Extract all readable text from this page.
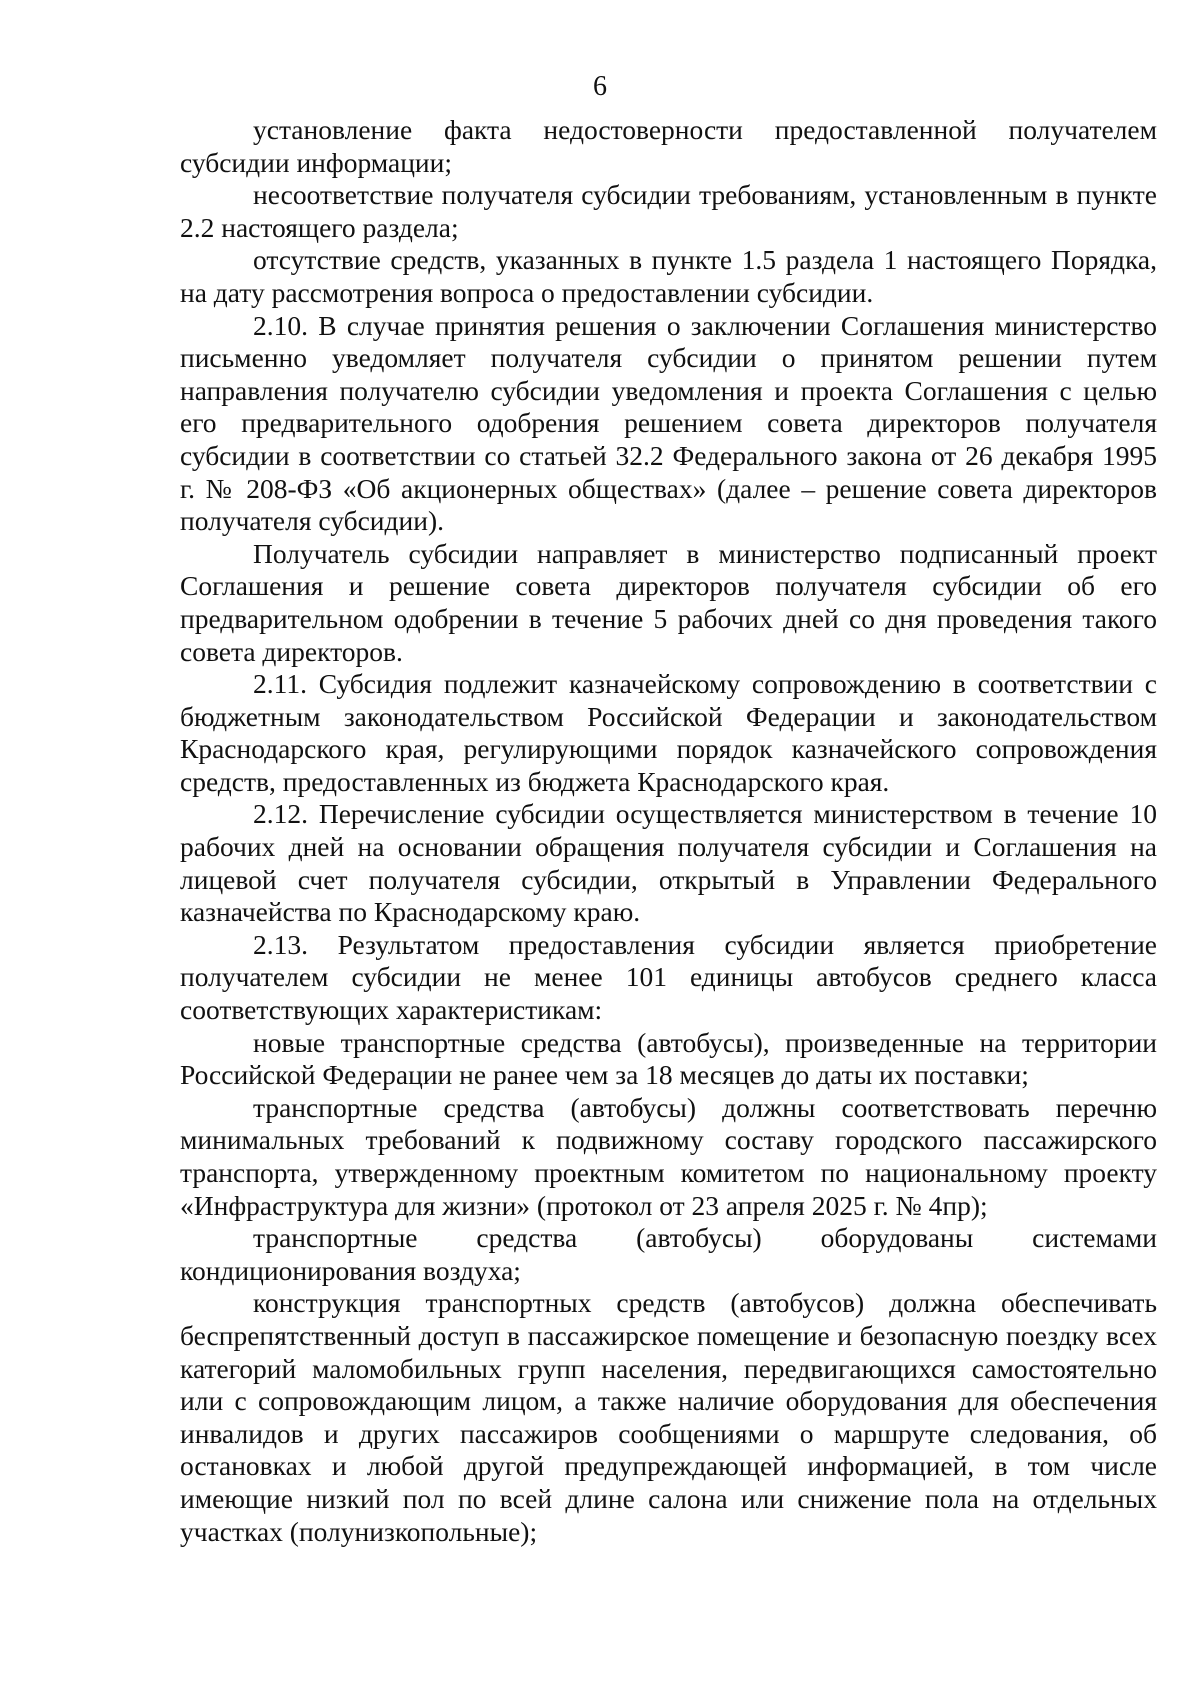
6

установление факта недостоверности предоставленной получателем субсидии информации;

несоответствие получателя субсидии требованиям, установленным в пункте 2.2 настоящего раздела;

отсутствие средств, указанных в пункте 1.5 раздела 1 настоящего Порядка, на дату рассмотрения вопроса о предоставлении субсидии.

2.10. В случае принятия решения о заключении Соглашения министерство письменно уведомляет получателя субсидии о принятом решении путем направления получателю субсидии уведомления и проекта Соглашения с целью его предварительного одобрения решением совета директоров получателя субсидии в соответствии со статьей 32.2 Федерального закона от 26 декабря 1995 г. № 208-ФЗ «Об акционерных обществах» (далее – решение совета директоров получателя субсидии).

Получатель субсидии направляет в министерство подписанный проект Соглашения и решение совета директоров получателя субсидии об его предварительном одобрении в течение 5 рабочих дней со дня проведения такого совета директоров.

2.11. Субсидия подлежит казначейскому сопровождению в соответствии с бюджетным законодательством Российской Федерации и законодательством Краснодарского края, регулирующими порядок казначейского сопровождения средств, предоставленных из бюджета Краснодарского края.

2.12. Перечисление субсидии осуществляется министерством в течение 10 рабочих дней на основании обращения получателя субсидии и Соглашения на лицевой счет получателя субсидии, открытый в Управлении Федерального казначейства по Краснодарскому краю.

2.13. Результатом предоставления субсидии является приобретение получателем субсидии не менее 101 единицы автобусов среднего класса соответствующих характеристикам:

новые транспортные средства (автобусы), произведенные на территории Российской Федерации не ранее чем за 18 месяцев до даты их поставки;

транспортные средства (автобусы) должны соответствовать перечню минимальных требований к подвижному составу городского пассажирского транспорта, утвержденному проектным комитетом по национальному проекту «Инфраструктура для жизни» (протокол от 23 апреля 2025 г. № 4пр);

транспортные средства (автобусы) оборудованы системами кондиционирования воздуха;

конструкция транспортных средств (автобусов) должна обеспечивать беспрепятственный доступ в пассажирское помещение и безопасную поездку всех категорий маломобильных групп населения, передвигающихся самостоятельно или с сопровождающим лицом, а также наличие оборудования для обеспечения инвалидов и других пассажиров сообщениями о маршруте следования, об остановках и любой другой предупреждающей информацией, в том числе имеющие низкий пол по всей длине салона или снижение пола на отдельных участках (полунизкопольные);
